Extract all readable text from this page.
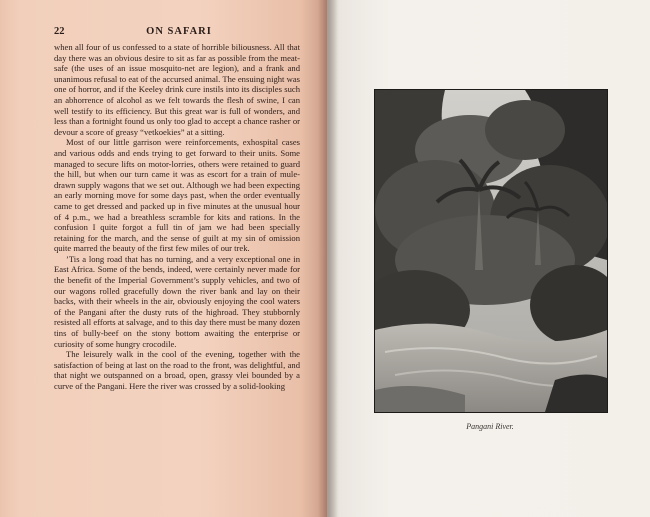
22	ON SAFARI

when all four of us confessed to a state of horrible biliousness. All that day there was an obvious desire to sit as far as possible from the meat-safe (the uses of an issue mosquito-net are legion), and a frank and unanimous refusal to eat of the accursed animal. The ensuing night was one of horror, and if the Keeley drink cure instils into its disciples such an abhorrence of alcohol as we felt towards the flesh of swine, I can well testify to its efficiency. But this great war is full of wonders, and less than a fortnight found us only too glad to accept a chance rasher or devour a score of greasy “vetkoekies” at a sitting.

Most of our little garrison were reinforcements, exhospital cases and various odds and ends trying to get forward to their units. Some managed to secure lifts on motor-lorries, others were retained to guard the hill, but when our turn came it was as escort for a train of mule-drawn supply wagons that we set out. Although we had been expecting an early morning move for some days past, when the order eventually came to get dressed and packed up in five minutes at the unusual hour of 4 p.m., we had a breathless scramble for kits and rations. In the confusion I quite forgot a full tin of jam we had been specially retaining for the march, and the sense of guilt at my sin of omission quite marred the beauty of the first few miles of our trek.

’Tis a long road that has no turning, and a very exceptional one in East Africa. Some of the bends, indeed, were certainly never made for the benefit of the Imperial Government’s supply vehicles, and two of our wagons rolled gracefully down the river bank and lay on their backs, with their wheels in the air, obviously enjoying the cool waters of the Pangani after the dusty ruts of the highroad. They stubbornly resisted all efforts at salvage, and to this day there must be many dozen tins of bully-beef on the stony bottom awaiting the enterprise or curiosity of some hungry crocodile.

The leisurely walk in the cool of the evening, together with the satisfaction of being at last on the road to the front, was delightful, and that night we outspanned on a broad, open, grassy vlei bounded by a curve of the Pangani. Here the river was crossed by a solid-looking

Pangani River.
